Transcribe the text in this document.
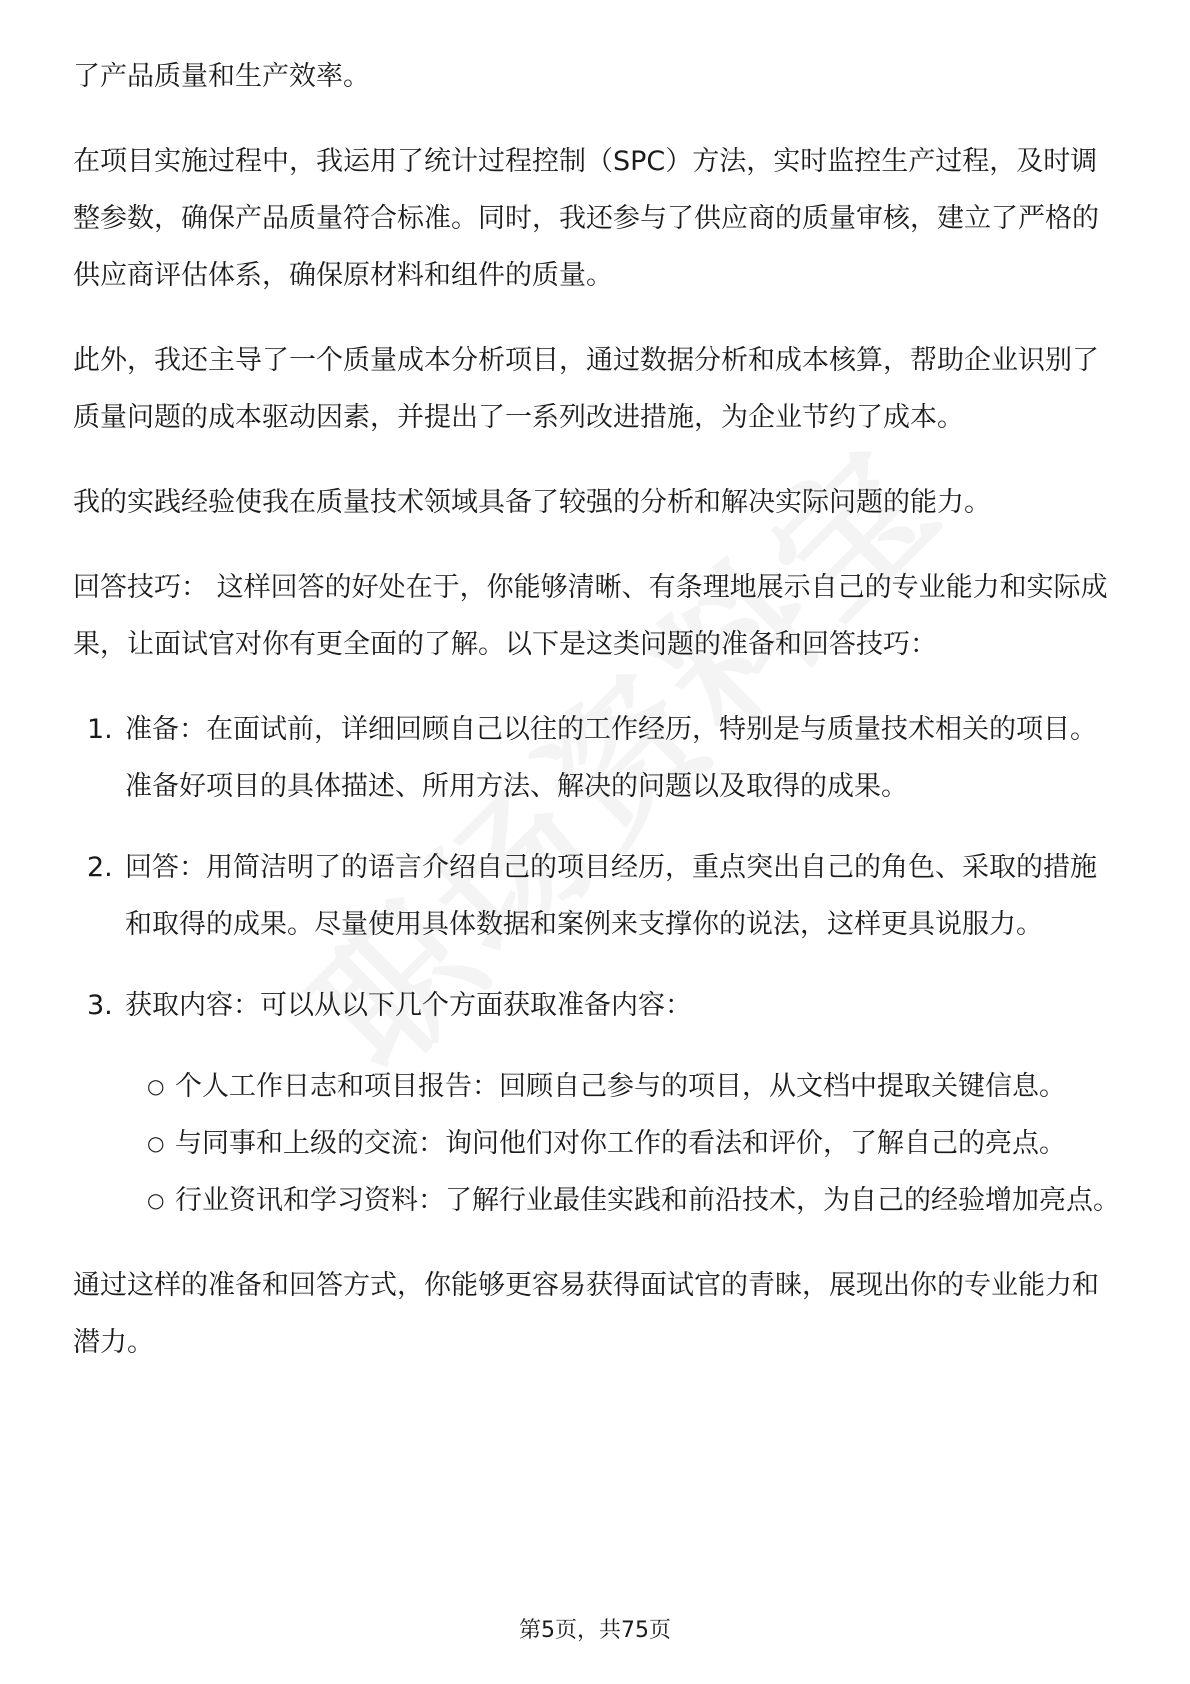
了产品质量和生产效率。

在项目实施过程中，我运用了统计过程控制（SPC）方法，实时监控生产过程，及时调整参数，确保产品质量符合标准。同时，我还参与了供应商的质量审核，建立了严格的供应商评估体系，确保原材料和组件的质量。

此外，我还主导了一个质量成本分析项目，通过数据分析和成本核算，帮助企业识别了质量问题的成本驱动因素，并提出了一系列改进措施，为企业节约了成本。

我的实践经验使我在质量技术领域具备了较强的分析和解决实际问题的能力。

回答技巧： 这样回答的好处在于，你能够清晰、有条理地展示自己的专业能力和实际成果，让面试官对你有更全面的了解。以下是这类问题的准备和回答技巧：

1. 准备：在面试前，详细回顾自己以往的工作经历，特别是与质量技术相关的项目。准备好项目的具体描述、所用方法、解决的问题以及取得的成果。
2. 回答：用简洁明了的语言介绍自己的项目经历，重点突出自己的角色、采取的措施和取得的成果。尽量使用具体数据和案例来支撑你的说法，这样更具说服力。
3. 获取内容：可以从以下几个方面获取准备内容：
○ 个人工作日志和项目报告：回顾自己参与的项目，从文档中提取关键信息。
○ 与同事和上级的交流：询问他们对你工作的看法和评价，了解自己的亮点。
○ 行业资讯和学习资料：了解行业最佳实践和前沿技术，为自己的经验增加亮点。

通过这样的准备和回答方式，你能够更容易获得面试官的青睐，展现出你的专业能力和潜力。

第5页，共75页
